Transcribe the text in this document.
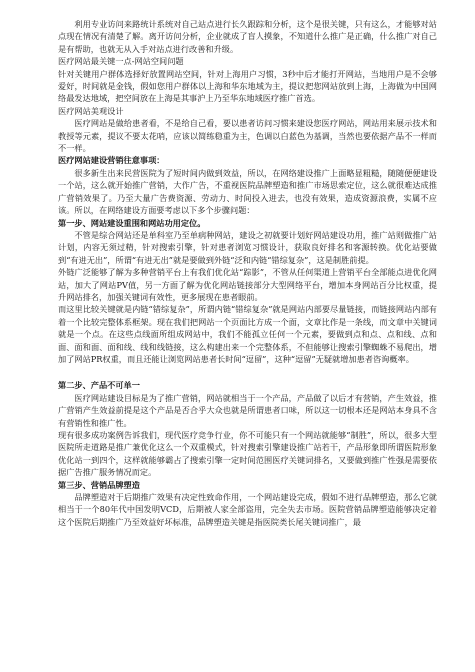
利用专业访问来路统计系统对自己站点进行长久跟踪和分析，这个是很关键，只有这么，才能够对站点现在情况有清楚了解。离开访问分析，企业就成了盲人摸象，不知道什么推广是正确，什么推广对自己是有帮助，也就无从入手对站点进行改善和升级。

医疗网站最关键一点-网站空间问题

针对关键用户群体选择好放置网站空间，针对上海用户习惯，3秒中后才能打开网站，当地用户是不会够爱好，时间就是金钱，假如您用户群体以上海和华东地域为主，提议把您网站放到上海，上海做为中国网络最发达地域，把空间放在上海是其事沪上乃至华东地域医疗推广首选。

医疗网站美观设计

医疗网站是做给患者看，不是给自己看，要以患者访问习惯来建设您医疗网站，网站用来展示技术和教授等元素，提议不要太花哨，应该以简练稳重为主，色调以白蓝色为基调，当然也要依据产品不一样而不一样。

医疗网站建设营销往意事项：

很多新生出来民营医院为了短时间内做到效益，所以，在网络建设推广上面略显粗糙，随随便便建设一个站，这么就开始推广营销，大作广告，不重视医院品牌塑造和推广市场思索定位，这么就很难达成推广营销效果了。乃至大量广告费资源、劳动力、时间投入进去，也没有效果，造成资源浪费，实属不应该。所以，在网络建设方面要考虑以下多个步骤问题：

第一步、网站建设重围和网站功用定位。

不管是综合网站还是单科室乃至单病种网站，建设之初就要计划好网站建设功用，推广站则做推广站计划，内容无须过精，针对搜索引擎，针对患者浏览习惯设计，获取良好排名和客源转换。优化站要做到“有进无出”，所谓“有进无出”就是要做到外链“泛和内链“错综复杂”，这是制胜前提。

外链广泛能够了解为多种营销平台上有我们优化站“踪影”，不管从任何渠道上营销平台全部能点进优化网站，加大了网站PV值，另一方面了解为优化网站链接部分大型网络平台，增加本身网站百分比权重，提升网站排名，加强关键词有效性，更多展现在患者眼前。

而这里比较关键就是内链“错综复杂”，所谓内链“错综复杂”就是网站内部要尽量链接，而链接网站内部有着一个比较完整体系框架。现在我们把网站一个页面比方成一个面，文章比作是一条线，而文章中关键词就是一个点。在这些点线面所组成网站中，我们不能孤立任何一个元素，要做到点和点、点和线、点和面、面和面、面和线、线和线链接，这么构建出来一个完整体系，不但能够让搜索引擎蜘蛛不易爬出，增加了网站PR权重，而且还能让浏览网站患者长时间“逗留”，这种“逗留”无疑就增加患者咨询概率。

第二步、产品不可单一

医疗网站建设目标是为了推广营销，网站就相当于一个产品，产品做了以后才有营销，产生效益，推广营销产生效益前提是这个产品是否合乎大众也就是所谓患者口味，所以这一切根本还是网站本身具不含有营销性和推广性。

现有很多成功案例告诉我们，现代医疗竞争行业，你不可能只有一个网站就能够“制胜”，所以，很多大型医院所走道路是推广兼优化这么一个双重模式，针对搜索引擎建设推广站若干，产品形象即所谓医院形象优化站一到四个，这样就能够霸占了搜索引擎一定时间范围医疗关键词排名，又要做到推广性强是需要依据广告推广服务情况而定。

第三步、营销品牌塑造

品牌塑造对于后期推广效果有决定性致命作用，一个网站建设完成，假如不进行品牌塑造，那么它就相当于一个80年代中国发明VCD，后期被人家全部盗用，完全失去市场。医院营销品牌塑造能够决定着这个医院后期推广乃至效益好坏标准，品牌塑造关键是指医院类长尾关键词推广，最
